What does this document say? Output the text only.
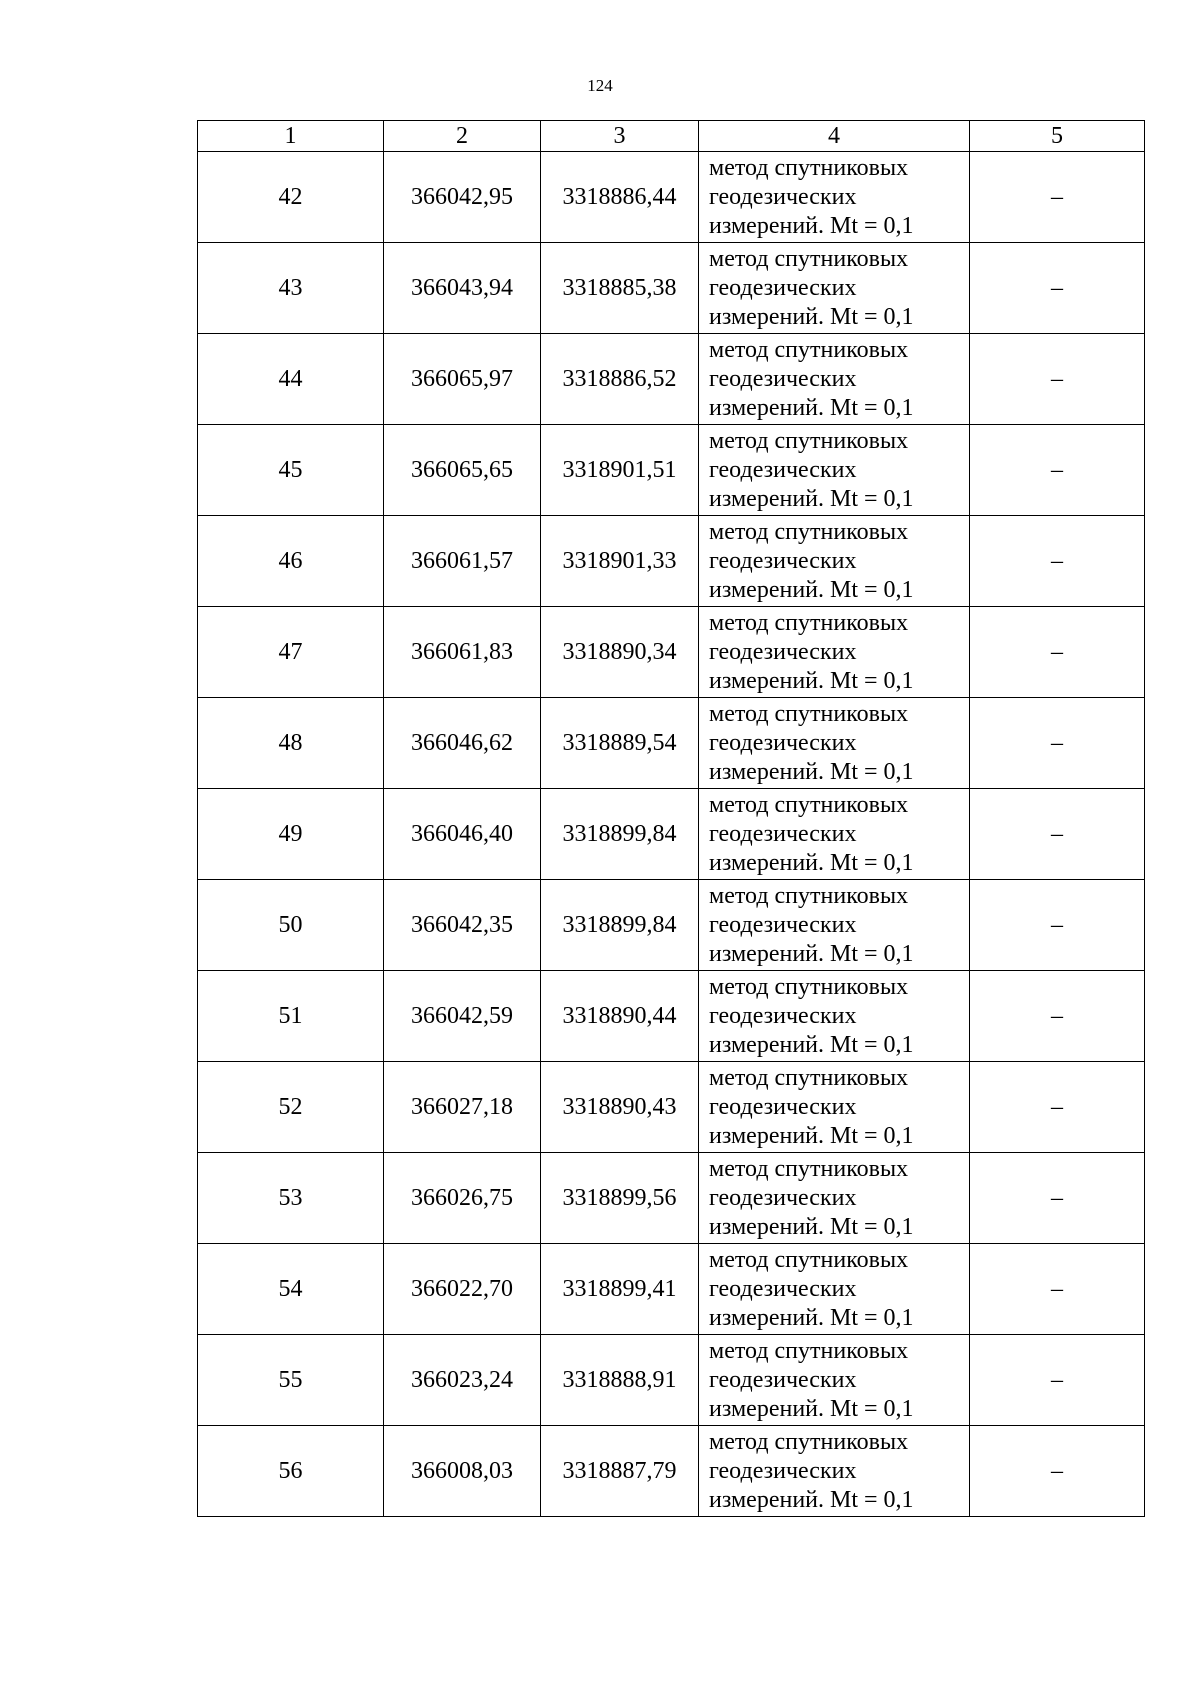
124
1	2	3	4	5
42	366042,95	3318886,44	метод спутниковых
геодезических
измерений. Mt = 0,1	–
43	366043,94	3318885,38	метод спутниковых
геодезических
измерений. Mt = 0,1	–
44	366065,97	3318886,52	метод спутниковых
геодезических
измерений. Mt = 0,1	–
45	366065,65	3318901,51	метод спутниковых
геодезических
измерений. Mt = 0,1	–
46	366061,57	3318901,33	метод спутниковых
геодезических
измерений. Mt = 0,1	–
47	366061,83	3318890,34	метод спутниковых
геодезических
измерений. Mt = 0,1	–
48	366046,62	3318889,54	метод спутниковых
геодезических
измерений. Mt = 0,1	–
49	366046,40	3318899,84	метод спутниковых
геодезических
измерений. Mt = 0,1	–
50	366042,35	3318899,84	метод спутниковых
геодезических
измерений. Mt = 0,1	–
51	366042,59	3318890,44	метод спутниковых
геодезических
измерений. Mt = 0,1	–
52	366027,18	3318890,43	метод спутниковых
геодезических
измерений. Mt = 0,1	–
53	366026,75	3318899,56	метод спутниковых
геодезических
измерений. Mt = 0,1	–
54	366022,70	3318899,41	метод спутниковых
геодезических
измерений. Mt = 0,1	–
55	366023,24	3318888,91	метод спутниковых
геодезических
измерений. Mt = 0,1	–
56	366008,03	3318887,79	метод спутниковых
геодезических
измерений. Mt = 0,1	–
